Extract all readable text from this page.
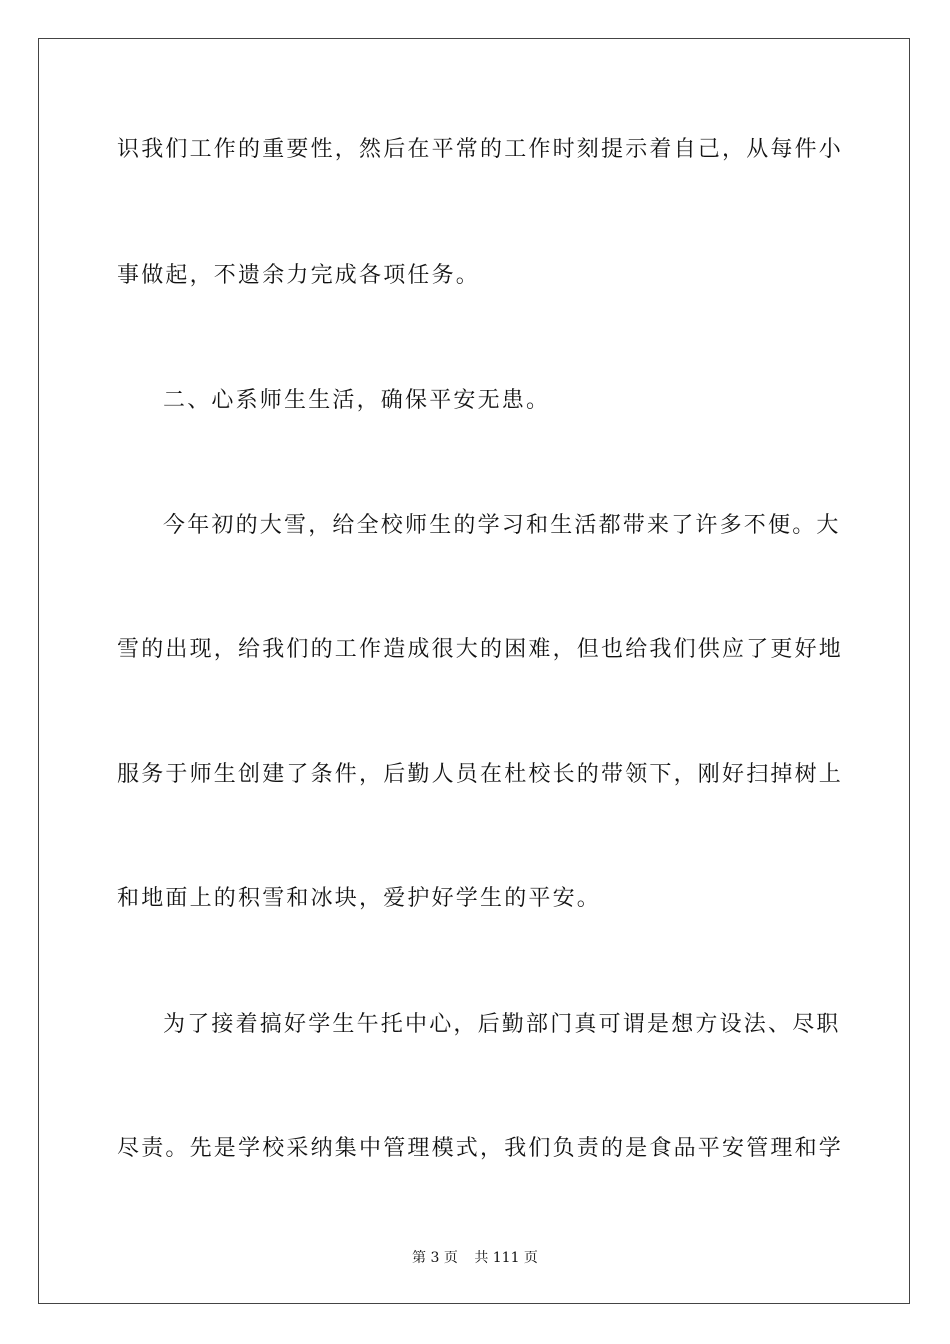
识我们工作的重要性，然后在平常的工作时刻提示着自己，从每件小
事做起，不遗余力完成各项任务。
二、心系师生生活，确保平安无患。
今年初的大雪，给全校师生的学习和生活都带来了许多不便。大
雪的出现，给我们的工作造成很大的困难，但也给我们供应了更好地
服务于师生创建了条件，后勤人员在杜校长的带领下，刚好扫掉树上
和地面上的积雪和冰块，爱护好学生的平安。
为了接着搞好学生午托中心，后勤部门真可谓是想方设法、尽职
尽责。先是学校采纳集中管理模式，我们负责的是食品平安管理和学
第 3 页 共 111 页
